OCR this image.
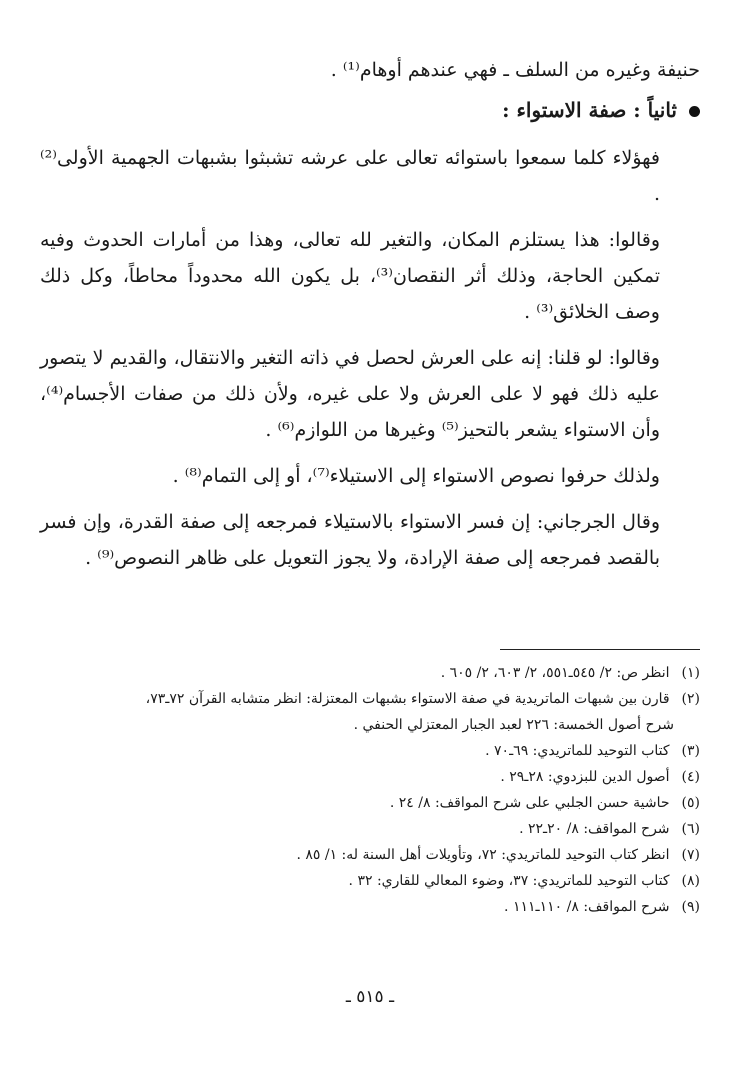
حنيفة وغيره من السلف ـ فهي عندهم أوهام⁽¹⁾ .

ثانياً : صفة الاستواء :

فهؤلاء كلما سمعوا باستوائه تعالى على عرشه تشبثوا بشبهات الجهمية الأولى⁽²⁾ .

وقالوا: هذا يستلزم المكان، والتغير لله تعالى، وهذا من أمارات الحدوث وفيه تمكين الحاجة، وذلك أثر النقصان⁽³⁾، بل يكون الله محدوداً محاطاً، وكل ذلك وصف الخلائق⁽³⁾ .

وقالوا: لو قلنا: إنه على العرش لحصل في ذاته التغير والانتقال، والقديم لا يتصور عليه ذلك فهو لا على العرش ولا على غيره، ولأن ذلك من صفات الأجسام⁽⁴⁾، وأن الاستواء يشعر بالتحيز⁽⁵⁾ وغيرها من اللوازم⁽⁶⁾ .

ولذلك حرفوا نصوص الاستواء إلى الاستيلاء⁽⁷⁾، أو إلى التمام⁽⁸⁾ .

وقال الجرجاني: إن فسر الاستواء بالاستيلاء فمرجعه إلى صفة القدرة، وإن فسر بالقصد فمرجعه إلى صفة الإرادة، ولا يجوز التعويل على ظاهر النصوص⁽⁹⁾ .

(١) انظر ص: ٢/ ٥٤٥ـ٥٥١، ٢/ ٦٠٣، ٢/ ٦٠٥ .

(٢) قارن بين شبهات الماتريدية في صفة الاستواء بشبهات المعتزلة: انظر متشابه القرآن ٧٢ـ٧٣،

شرح أصول الخمسة: ٢٢٦ لعبد الجبار المعتزلي الحنفي .

(٣) كتاب التوحيد للماتريدي: ٦٩ـ٧٠ .

(٤) أصول الدين للبزدوي: ٢٨ـ٢٩ .

(٥) حاشية حسن الجلبي على شرح المواقف: ٨/ ٢٤ .

(٦) شرح المواقف: ٨/ ٢٠ـ٢٢ .

(٧) انظر كتاب التوحيد للماتريدي: ٧٢، وتأويلات أهل السنة له: ١/ ٨٥ .

(٨) كتاب التوحيد للماتريدي: ٣٧، وضوء المعالي للقاري: ٣٢ .

(٩) شرح المواقف: ٨/ ١١٠ـ١١١ .

ـ ٥١٥ ـ
